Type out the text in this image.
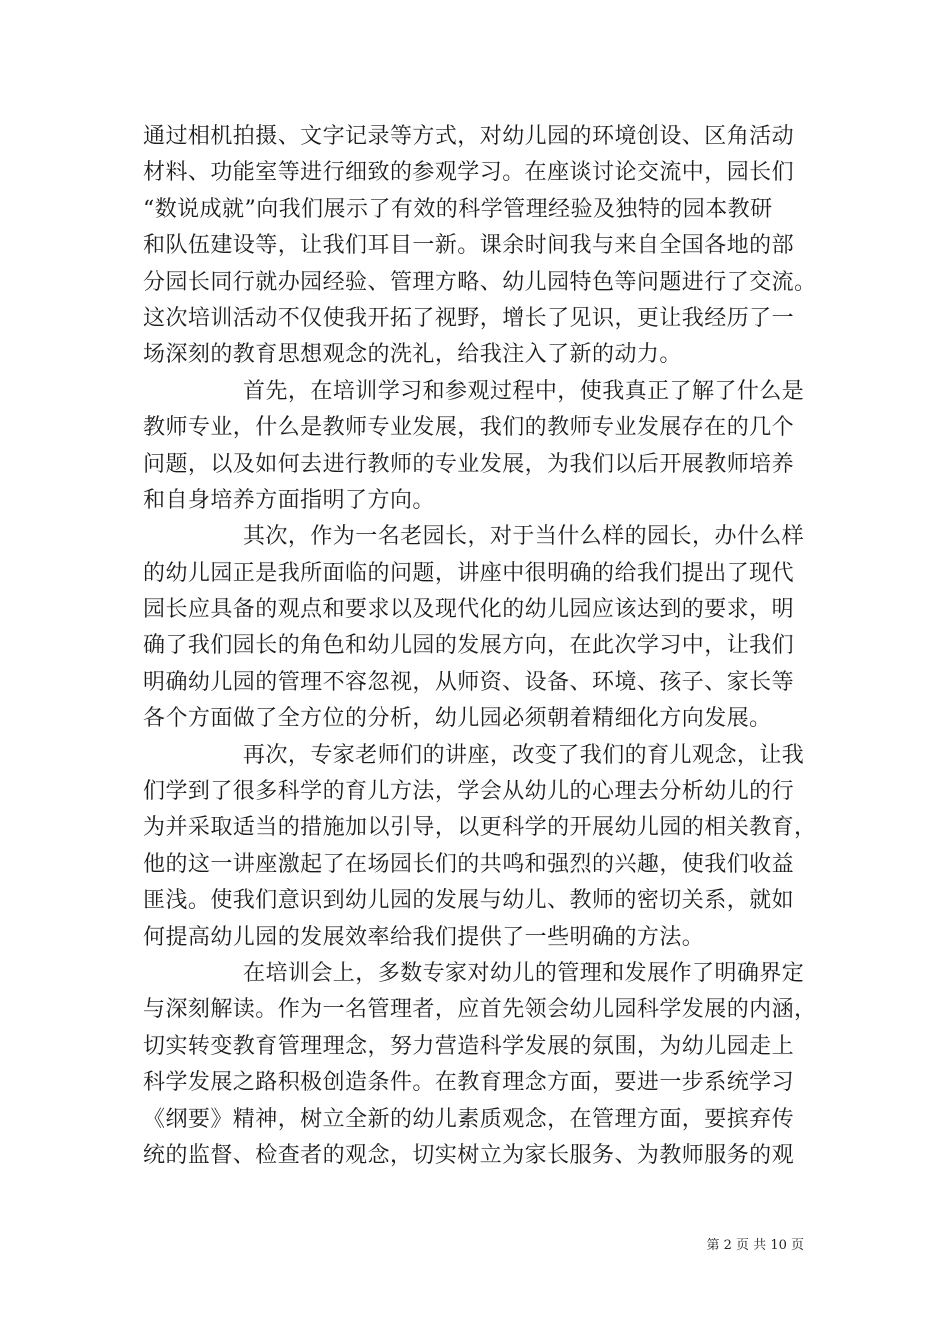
通过相机拍摄、文字记录等方式，对幼儿园的环境创设、区角活动
材料、功能室等进行细致的参观学习。在座谈讨论交流中，园长们
“数说成就”向我们展示了有效的科学管理经验及独特的园本教研
和队伍建设等，让我们耳目一新。课余时间我与来自全国各地的部
分园长同行就办园经验、管理方略、幼儿园特色等问题进行了交流。
这次培训活动不仅使我开拓了视野，增长了见识，更让我经历了一
场深刻的教育思想观念的洗礼，给我注入了新的动力。
首先，在培训学习和参观过程中，使我真正了解了什么是
教师专业，什么是教师专业发展，我们的教师专业发展存在的几个
问题，以及如何去进行教师的专业发展，为我们以后开展教师培养
和自身培养方面指明了方向。
其次，作为一名老园长，对于当什么样的园长，办什么样
的幼儿园正是我所面临的问题，讲座中很明确的给我们提出了现代
园长应具备的观点和要求以及现代化的幼儿园应该达到的要求，明
确了我们园长的角色和幼儿园的发展方向，在此次学习中，让我们
明确幼儿园的管理不容忽视，从师资、设备、环境、孩子、家长等
各个方面做了全方位的分析，幼儿园必须朝着精细化方向发展。
再次，专家老师们的讲座，改变了我们的育儿观念，让我
们学到了很多科学的育儿方法，学会从幼儿的心理去分析幼儿的行
为并采取适当的措施加以引导，以更科学的开展幼儿园的相关教育，
他的这一讲座激起了在场园长们的共鸣和强烈的兴趣，使我们收益
匪浅。使我们意识到幼儿园的发展与幼儿、教师的密切关系，就如
何提高幼儿园的发展效率给我们提供了一些明确的方法。
在培训会上，多数专家对幼儿的管理和发展作了明确界定
与深刻解读。作为一名管理者，应首先领会幼儿园科学发展的内涵，
切实转变教育管理理念，努力营造科学发展的氛围，为幼儿园走上
科学发展之路积极创造条件。在教育理念方面，要进一步系统学习
《纲要》精神，树立全新的幼儿素质观念，在管理方面，要摈弃传
统的监督、检查者的观念，切实树立为家长服务、为教师服务的观
第 2 页 共 10 页
